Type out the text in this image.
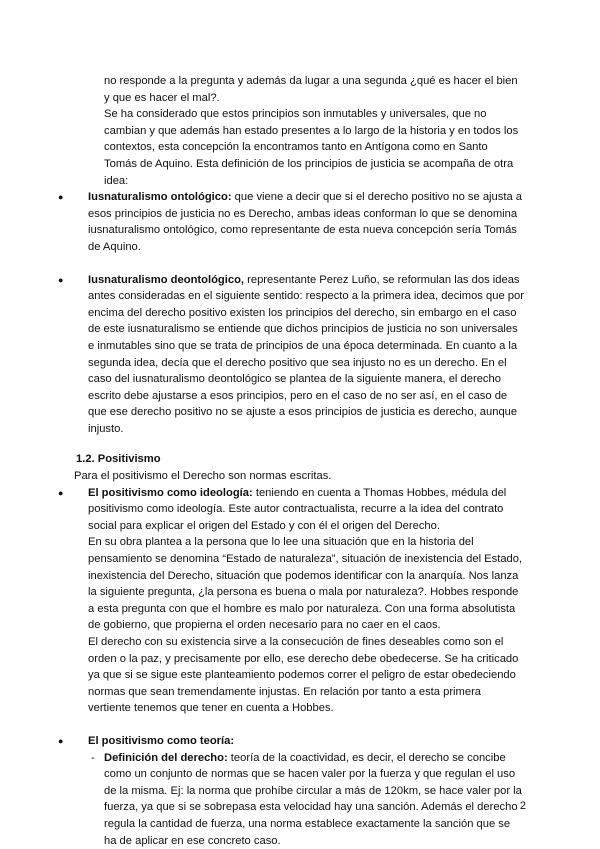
no responde a la pregunta y además da lugar a una segunda ¿qué es hacer el bien y que es hacer el mal?.

Se ha considerado que estos principios son inmutables y universales, que no cambian y que además han estado presentes a lo largo de la historia y en todos los contextos, esta concepción la encontramos tanto en Antígona como en Santo Tomás de Aquino. Esta definición de los principios de justicia se acompaña de otra idea:

● Iusnaturalismo ontológico: que viene a decir que si el derecho positivo no se ajusta a esos principios de justicia no es Derecho, ambas ideas conforman lo que se denomina iusnaturalismo ontológico, como representante de esta nueva concepción sería Tomás de Aquino.
● Iusnaturalismo deontológico, representante Perez Luño, se reformulan las dos ideas antes consideradas en el siguiente sentido: respecto a la primera idea, decimos que por encima del derecho positivo existen los principios del derecho, sin embargo en el caso de este iusnaturalismo se entiende que dichos principios de justicia no son universales e inmutables sino que se trata de principios de una época determinada. En cuanto a la segunda idea, decía que el derecho positivo que sea injusto no es un derecho. En el caso del iusnaturalismo deontológico se plantea de la siguiente manera, el derecho escrito debe ajustarse a esos principios, pero en el caso de no ser así, en el caso de que ese derecho positivo no se ajuste a esos principios de justicia es derecho, aunque injusto.

1.2. Positivismo

Para el positivismo el Derecho son normas escritas.

● El positivismo como ideología: teniendo en cuenta a Thomas Hobbes, médula del positivismo como ideología. Este autor contractualista, recurre a la idea del contrato social para explicar el origen del Estado y con él el origen del Derecho.

En su obra plantea a la persona que lo lee una situación que en la historia del pensamiento se denomina “Estado de naturaleza”, situación de inexistencia del Estado, inexistencia del Derecho, situación que podemos identificar con la anarquía. Nos lanza la siguiente pregunta, ¿la persona es buena o mala por naturaleza?. Hobbes responde a esta pregunta con que el hombre es malo por naturaleza. Con una forma absolutista de gobierno, que propierna el orden necesario para no caer en el caos.

El derecho con su existencia sirve a la consecución de fines deseables como son el orden o la paz, y precisamente por ello, ese derecho debe obedecerse. Se ha criticado ya que si se sigue este planteamiento podemos correr el peligro de estar obedeciendo normas que sean tremendamente injustas. En relación por tanto a esta primera vertiente tenemos que tener en cuenta a Hobbes.

● El positivismo como teoría:
- Definición del derecho: teoría de la coactividad, es decir, el derecho se concibe como un conjunto de normas que se hacen valer por la fuerza y que regulan el uso de la misma. Ej: la norma que prohíbe circular a más de 120km, se hace valer por la fuerza, ya que si se sobrepasa esta velocidad hay una sanción. Además el derecho regula la cantidad de fuerza, una norma establece exactamente la sanción que se ha de aplicar en ese concreto caso.
2
